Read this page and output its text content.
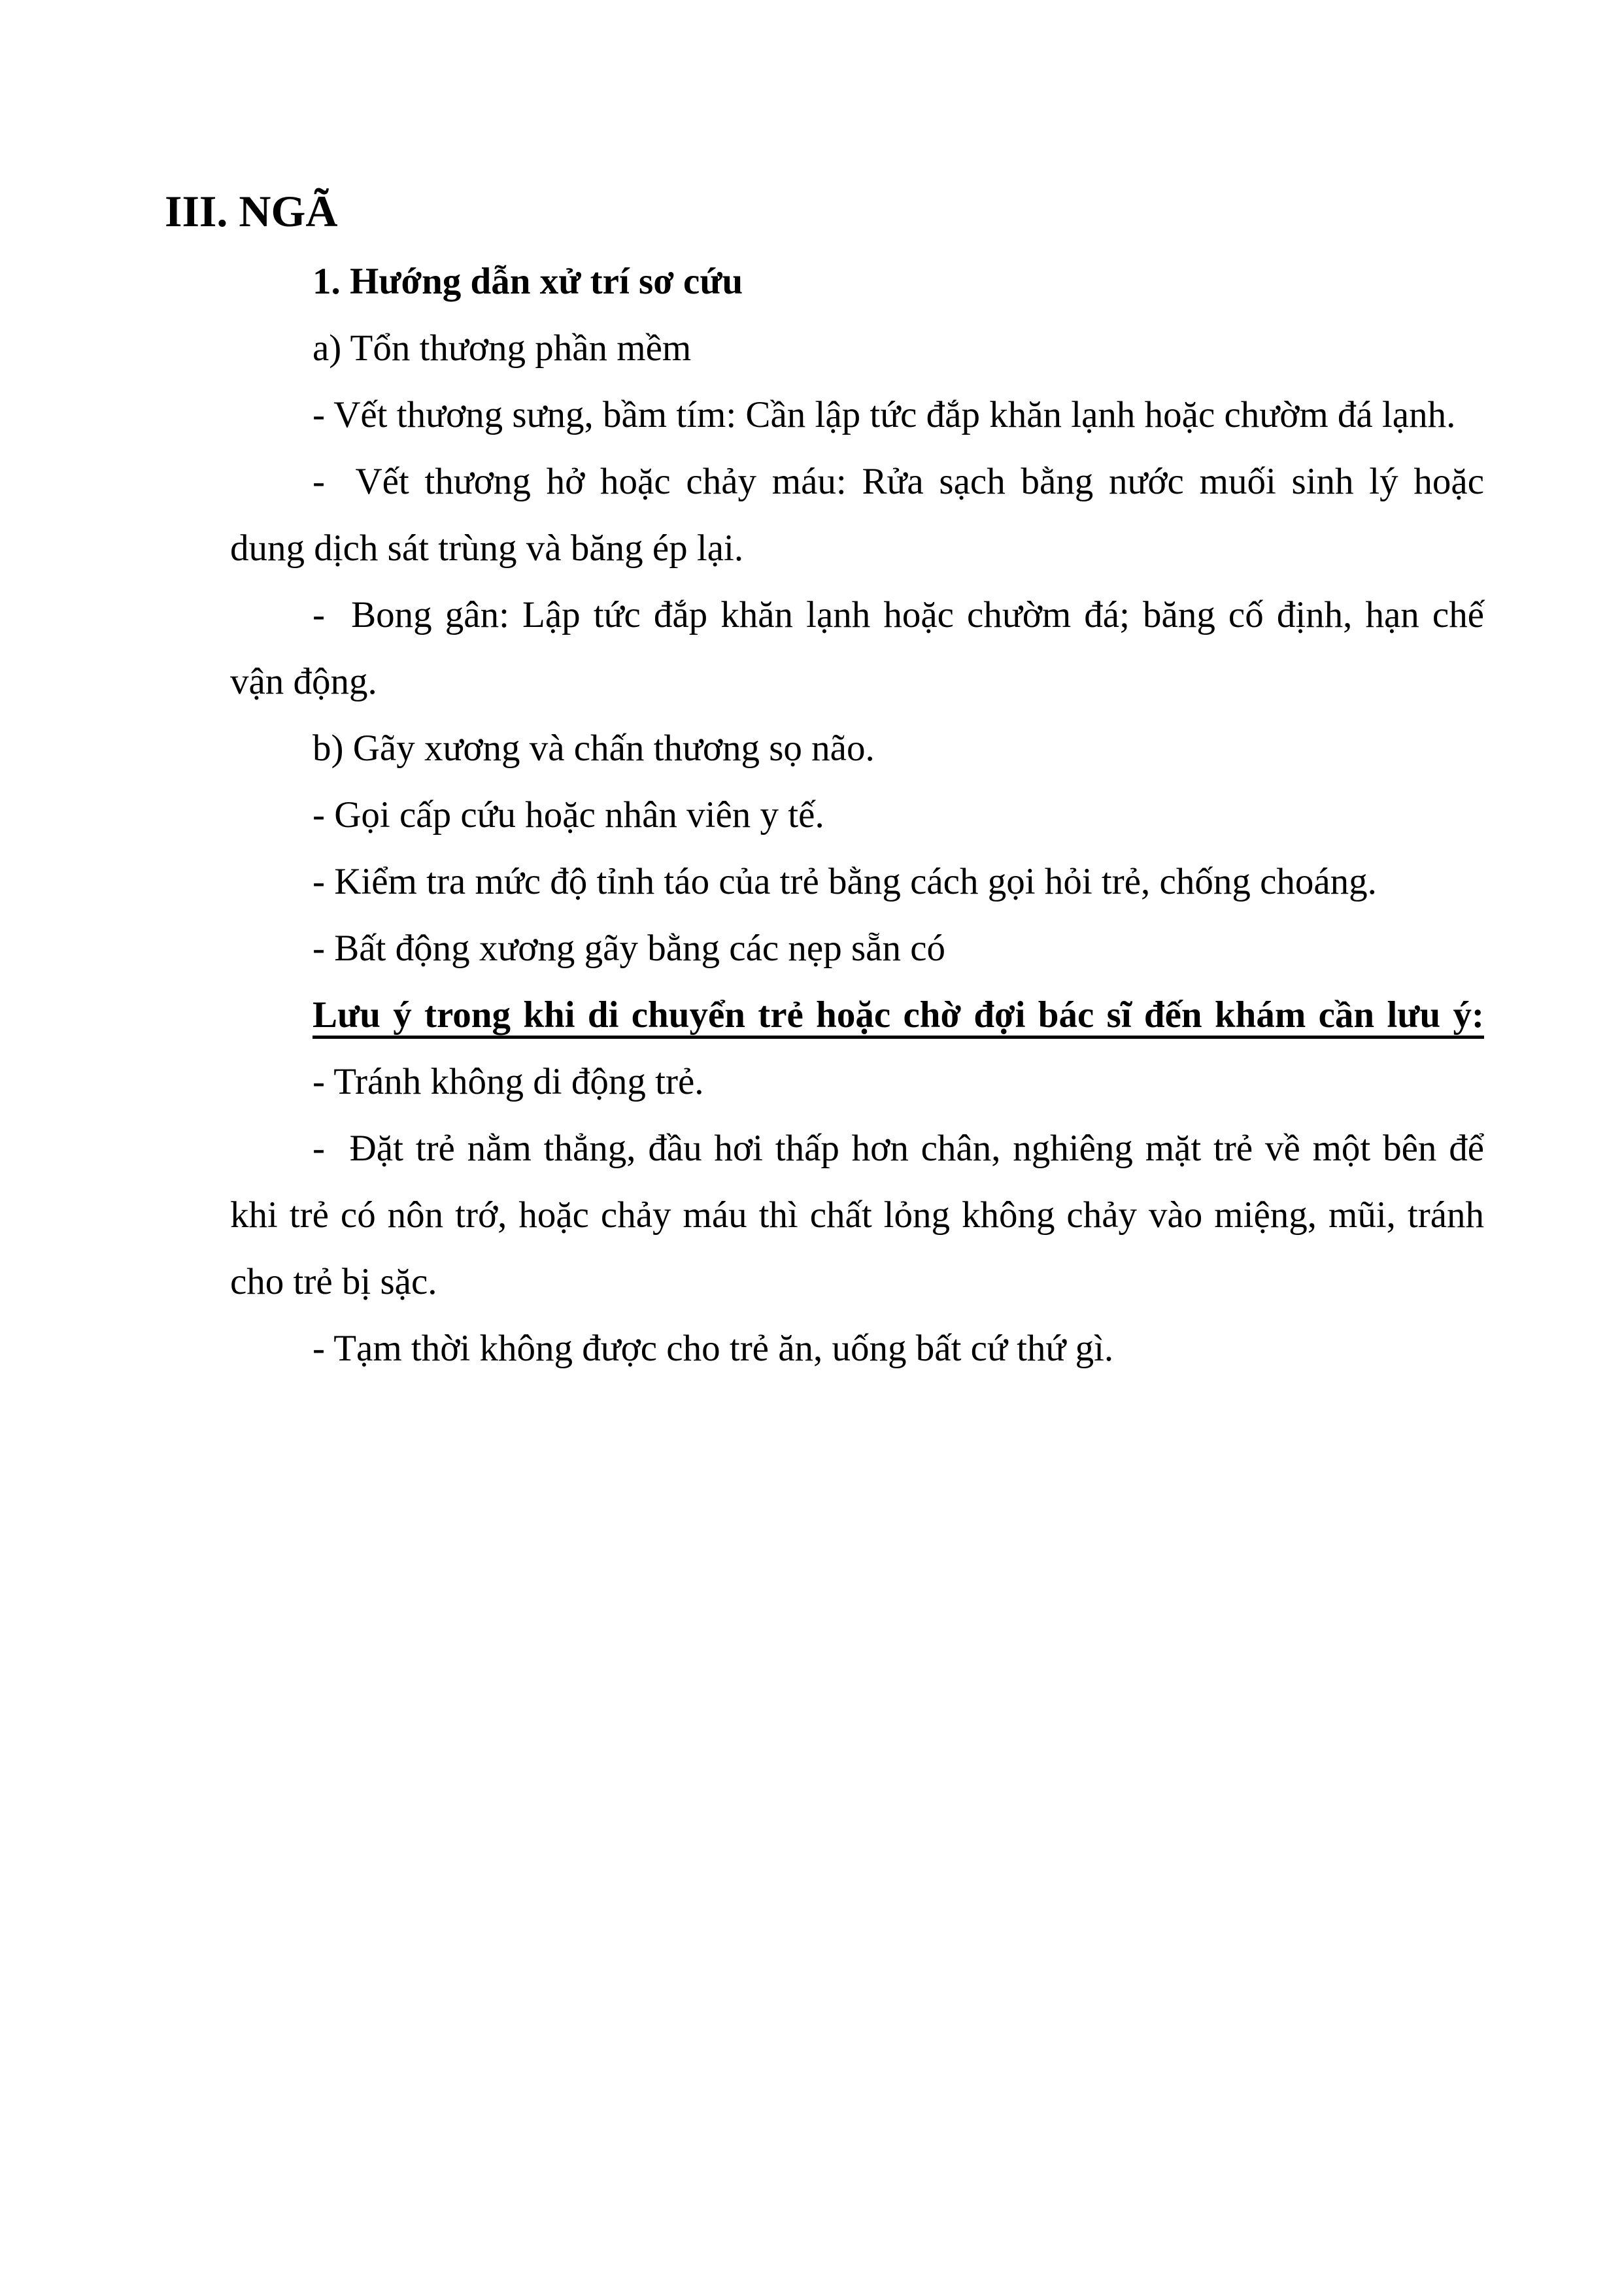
III. NGÃ
1. Hướng dẫn xử trí sơ cứu
a) Tổn thương phần mềm
- Vết thương sưng, bầm tím: Cần lập tức đắp khăn lạnh hoặc chườm đá lạnh.
-  Vết thương hở hoặc chảy máu: Rửa sạch bằng nước muối sinh lý hoặc
dung dịch sát trùng và băng ép lại.
-  Bong gân: Lập tức đắp khăn lạnh hoặc chườm đá; băng cố định, hạn chế
vận động.
b) Gãy xương và chấn thương sọ não.
- Gọi cấp cứu hoặc nhân viên y tế.
- Kiểm tra mức độ tỉnh táo của trẻ bằng cách gọi hỏi trẻ, chống choáng.
- Bất động xương gãy bằng các nẹp sẵn có
Lưu ý trong khi di chuyển trẻ hoặc chờ đợi bác sĩ đến khám cần lưu ý:
- Tránh không di động trẻ.
-  Đặt trẻ nằm thẳng, đầu hơi thấp hơn chân, nghiêng mặt trẻ về một bên để
khi trẻ có nôn trớ, hoặc chảy máu thì chất lỏng không chảy vào miệng, mũi, tránh
cho trẻ bị sặc.
- Tạm thời không được cho trẻ ăn, uống bất cứ thứ gì.
